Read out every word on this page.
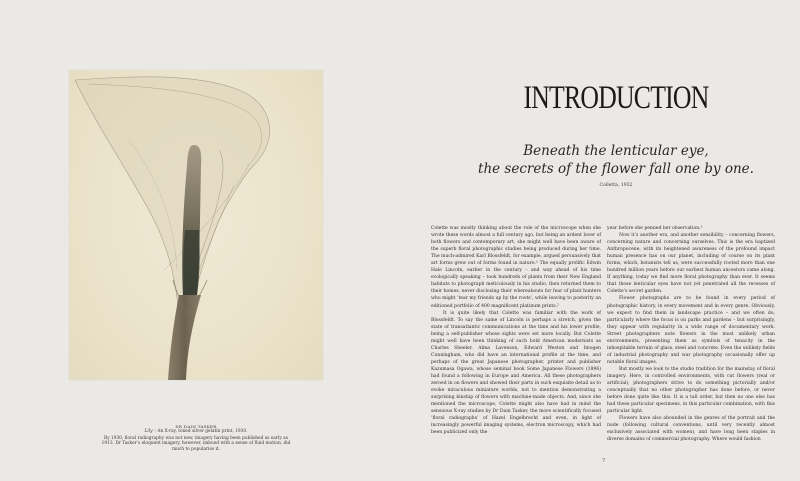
DR DAIN TASKER
Lily – An X-ray, toned silver gelatin print, 1930.
By 1930, floral radiography was not new, imagery having been published as early as 1913. Dr Tasker’s eloquent imagery, however, imbued with a sense of fluid motion, did much to popularise it.
INTRODUCTION
Beneath the lenticular eye,
the secrets of the flower fall one by one.
Colletta, 1932

Colette was mostly thinking about the role of the microscope when she wrote these words almost a full century ago, but being an ardent lover of both flowers and contemporary art, she might well have been aware of the superb floral photographic studies being produced during her time. The much-admired Karl Blossfeldt, for example, argued persuasively that art forms grew out of forms found in nature.¹ The equally prolific Edwin Hale Lincoln, earlier in the century – and way ahead of his time ecologically speaking – took hundreds of plants from their New England habitats to photograph meticulously in his studio, then returned them to their homes, never disclosing their whereabouts for fear of plant hunters who might ‘tear my friends up by the roots’, while leaving to posterity an editioned portfolio of 400 magnificent platinum prints.²

It is quite likely that Colette was familiar with the work of Blossfeldt. To say the same of Lincoln is perhaps a stretch, given the state of transatlantic communications at the time and his lower profile, being a self-publisher whose sights were set more locally. But Colette might well have been thinking of such bold American modernists as Charles Sheeler, Alma Lavenson, Edward Weston and Imogen Cunningham, who did have an international profile at the time, and perhaps of the great Japanese photographer, printer and publisher Kazumasa Ogawa, whose seminal book Some Japanese Flowers (1896) had found a following in Europe and America. All these photographers zeroed in on flowers and showed their parts in such exquisite detail as to evoke miraculous miniature worlds, not to mention demonstrating a surprising kinship of flowers with machine-made objects. And, since she mentioned the microscope, Colette might also have had in mind the sensuous X-ray studies by Dr Dain Tasker, the more scientifically focused ‘floral radiographs’ of Hazel Engelbrecht and even, in light of increasingly powerful imaging systems, electron microscopy, which had been publicized only the

year before she penned her observation.³

Now it’s another era, and another sensibility – concerning flowers, concerning nature and concerning ourselves. This is the era baptized Anthropocene, with its heightened awareness of the profound impact human presence has on our planet, including of course on its plant forms, which, botanists tell us, were successfully rooted more than one hundred million years before our earliest human ancestors came along. If anything, today we find more floral photography than ever. It seems that those lenticular eyes have not yet penetrated all the recesses of Colette’s secret garden.

Flower photographs are to be found in every period of photographic history, in every movement and in every genre. Obviously, we expect to find them in landscape practice – and we often do, particularly where the focus is on parks and gardens – but surprisingly, they appear with regularity in a wide range of documentary work. Street photographers note flowers in the most unlikely urban environments, presenting them as symbols of tenacity in the inhospitable terrain of glass, steel and concrete. Even the unlikely fields of industrial photography and war photography occasionally offer up notable floral images.

But mostly we look to the studio tradition for the mainstay of floral imagery. Here, in controlled environments, with cut flowers (real or artificial), photographers strive to do something pictorially and/or conceptually that no other photographer has done before, or never before done quite like this. It is a tall order, but then no one else has had these particular specimens, in this particular combination, with this particular light.

Flowers have also abounded in the genres of the portrait and the nude (following cultural conventions, until very recently almost exclusively associated with women), and have long been staples in diverse domains of commercial photography. Where would fashion

7
